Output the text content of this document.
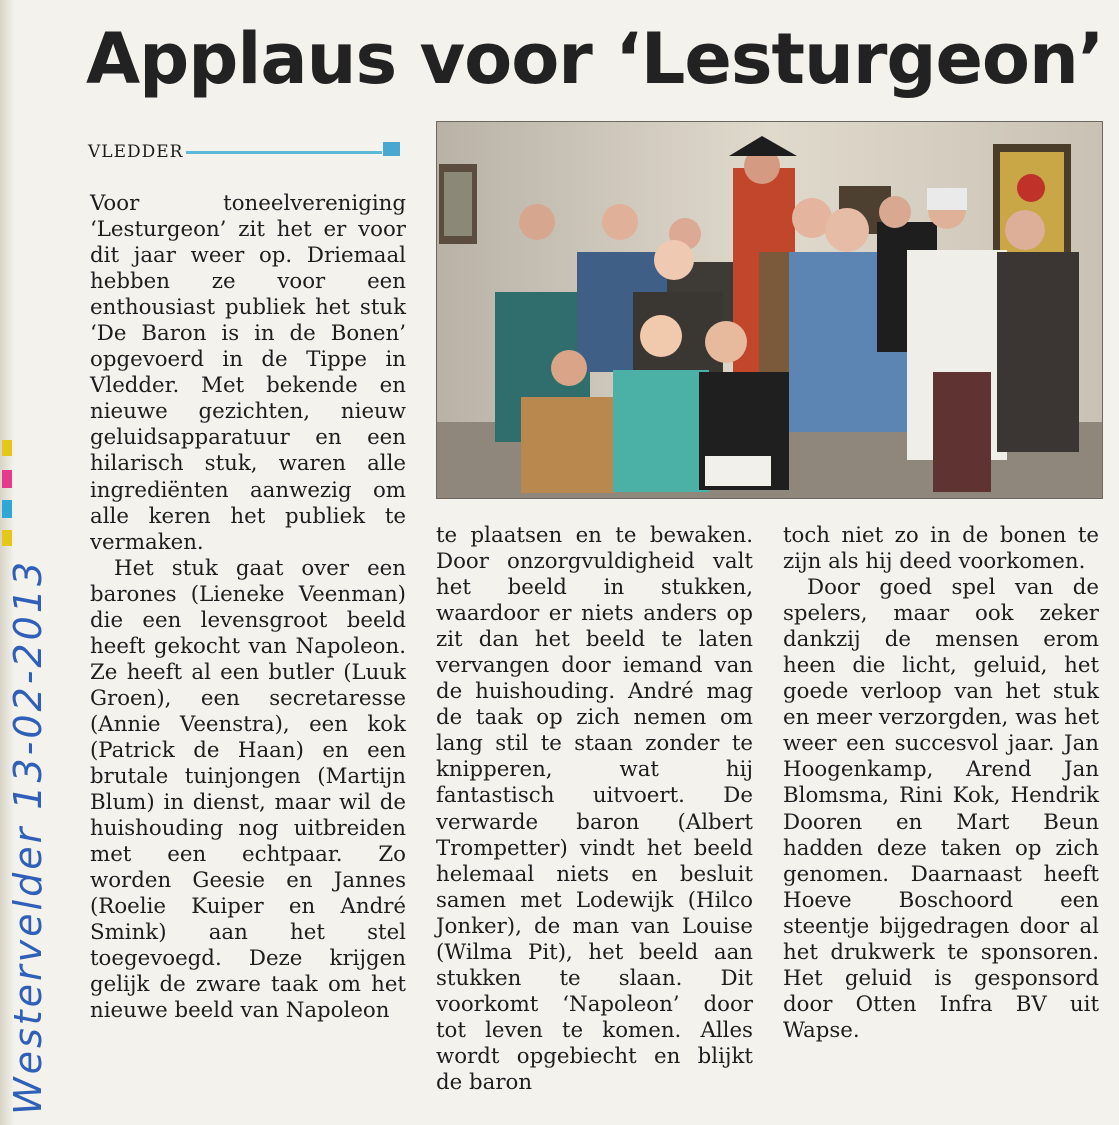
Applaus voor ‘Lesturgeon’
VLEDDER

Voor toneelvereniging ‘Lesturgeon’ zit het er voor dit jaar weer op. Driemaal hebben ze voor een enthousiast publiek het stuk ‘De Baron is in de Bonen’ opgevoerd in de Tippe in Vledder. Met bekende en nieuwe gezichten, nieuw geluidsapparatuur en een hilarisch stuk, waren alle ingrediënten aanwezig om alle keren het publiek te vermaken.

Het stuk gaat over een barones (Lieneke Veenman) die een levensgroot beeld heeft gekocht van Napoleon. Ze heeft al een butler (Luuk Groen), een secretaresse (Annie Veenstra), een kok (Patrick de Haan) en een brutale tuinjongen (Martijn Blum) in dienst, maar wil de huishouding nog uitbreiden met een echtpaar. Zo worden Geesie en Jannes (Roelie Kuiper en André Smink) aan het stel toegevoegd. Deze krijgen gelijk de zware taak om het nieuwe beeld van Napoleon

te plaatsen en te bewaken. Door onzorgvuldigheid valt het beeld in stukken, waardoor er niets anders op zit dan het beeld te laten vervangen door iemand van de huishouding. André mag de taak op zich nemen om lang stil te staan zonder te knipperen, wat hij fantastisch uitvoert. De verwarde baron (Albert Trompetter) vindt het beeld helemaal niets en besluit samen met Lodewijk (Hilco Jonker), de man van Louise (Wilma Pit), het beeld aan stukken te slaan. Dit voorkomt ‘Napoleon’ door tot leven te komen. Alles wordt opgebiecht en blijkt de baron

toch niet zo in de bonen te zijn als hij deed voorkomen.

Door goed spel van de spelers, maar ook zeker dankzij de mensen erom heen die licht, geluid, het goede verloop van het stuk en meer verzorgden, was het weer een succesvol jaar. Jan Hoogenkamp, Arend Jan Blomsma, Rini Kok, Hendrik Dooren en Mart Beun hadden deze taken op zich genomen. Daarnaast heeft Hoeve Boschoord een steentje bijgedragen door al het drukwerk te sponsoren. Het geluid is gesponsord door Otten Infra BV uit Wapse.

Westervelder 13-02-2013
